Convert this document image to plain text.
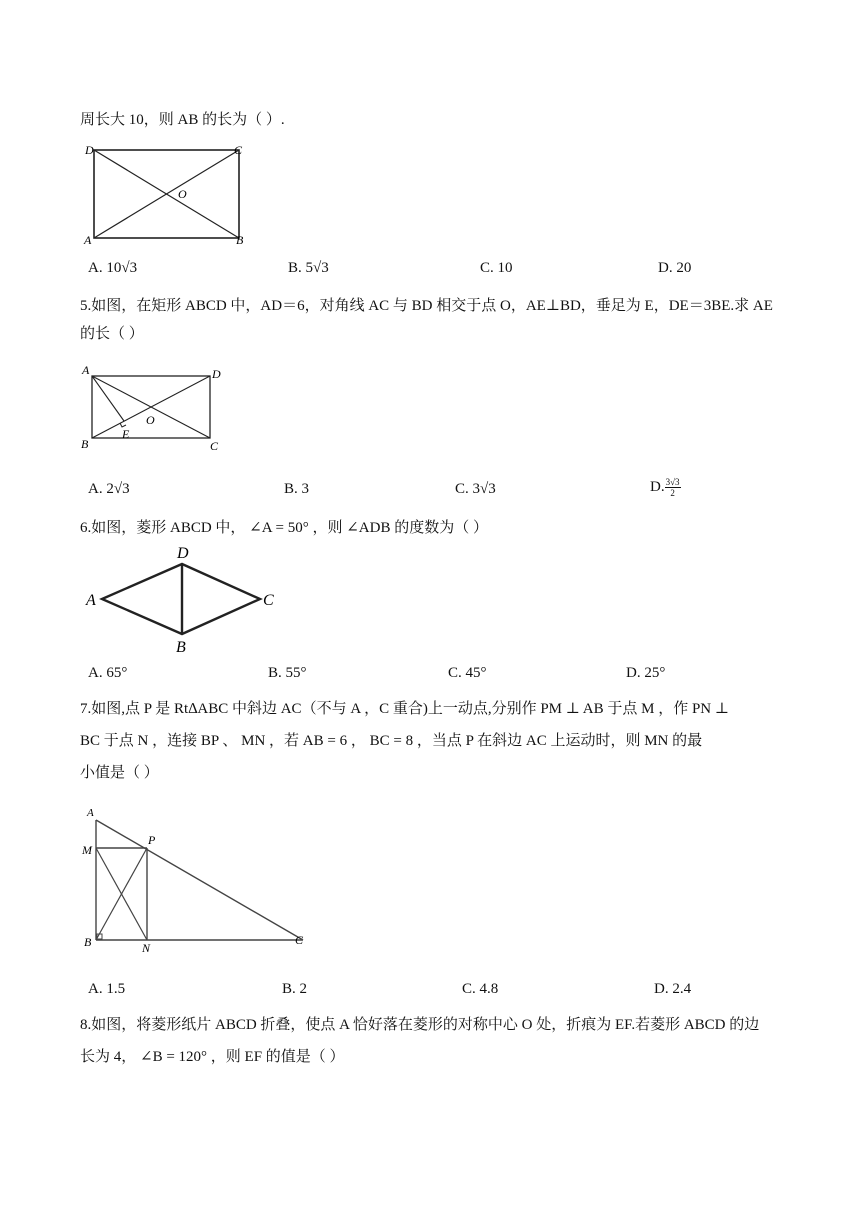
周长大 10，则 AB 的长为（ ）.
D	C
O
A	B
A. 10√3	B. 5√3	C. 10	D. 20
5.如图，在矩形 ABCD 中，AD＝6，对角线 AC 与 BD 相交于点 O，AE⊥BD，垂足为 E，DE＝3BE.求 AE
的长（ ）
A	D
O
B
E
C
A. 2√3	B. 3	C. 3√3	D. $\frac{3√3}{2}$
6.如图，菱形 ABCD 中， ∠A = 50° ，则 ∠ADB 的度数为（ ）
D
A	C
B
A. 65°	B. 55°	C. 45°	D. 25°
7.如图,点 P 是 Rt∆ABC 中斜边 AC（不与 A ，C 重合)上一动点,分别作 PM ⊥ AB 于点 M ，作 PN ⊥
BC 于点 N ，连接 BP 、 MN ，若 AB = 6 ， BC = 8 ，当点 P 在斜边 AC 上运动时，则 MN 的最
小值是（ ）
A
M
P
B	N
C
A. 1.5	B. 2	C. 4.8	D. 2.4
8.如图，将菱形纸片 ABCD 折叠，使点 A 恰好落在菱形的对称中心 O 处，折痕为 EF.若菱形 ABCD 的边
长为 4， ∠B = 120° ，则 EF 的值是（ ）
